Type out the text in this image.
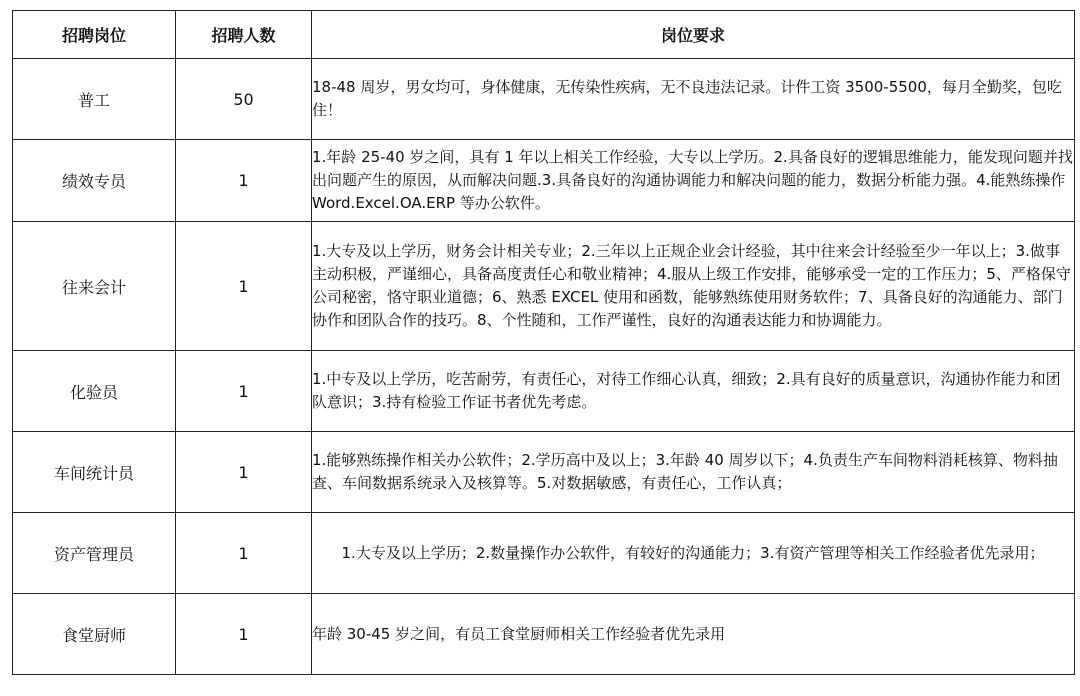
招聘岗位	招聘人数	岗位要求
普工	50	18-48 周岁，男女均可，身体健康，无传染性疾病，无不良违法记录。计件工资 3500-5500，每月全勤奖，包吃住！
绩效专员	1	1.年龄 25-40 岁之间，具有 1 年以上相关工作经验，大专以上学历。2.具备良好的逻辑思维能力，能发现问题并找出问题产生的原因，从而解决问题.3.具备良好的沟通协调能力和解决问题的能力，数据分析能力强。4.能熟练操作 Word.Excel.OA.ERP 等办公软件。
往来会计	1	1.大专及以上学历，财务会计相关专业；2.三年以上正规企业会计经验，其中往来会计经验至少一年以上；3.做事主动积极，严谨细心，具备高度责任心和敬业精神；4.服从上级工作安排，能够承受一定的工作压力；5、严格保守公司秘密，恪守职业道德；6、熟悉 EXCEL 使用和函数，能够熟练使用财务软件；7、具备良好的沟通能力、部门协作和团队合作的技巧。8、个性随和，工作严谨性，良好的沟通表达能力和协调能力。
化验员	1	1.中专及以上学历，吃苦耐劳，有责任心，对待工作细心认真，细致；2.具有良好的质量意识，沟通协作能力和团队意识；3.持有检验工作证书者优先考虑。
车间统计员	1	1.能够熟练操作相关办公软件；2.学历高中及以上；3.年龄 40 周岁以下；4.负责生产车间物料消耗核算、物料抽查、车间数据系统录入及核算等。5.对数据敏感，有责任心，工作认真；
资产管理员	1	1.大专及以上学历；2.数量操作办公软件，有较好的沟通能力；3.有资产管理等相关工作经验者优先录用；
食堂厨师	1	年龄 30-45 岁之间，有员工食堂厨师相关工作经验者优先录用
